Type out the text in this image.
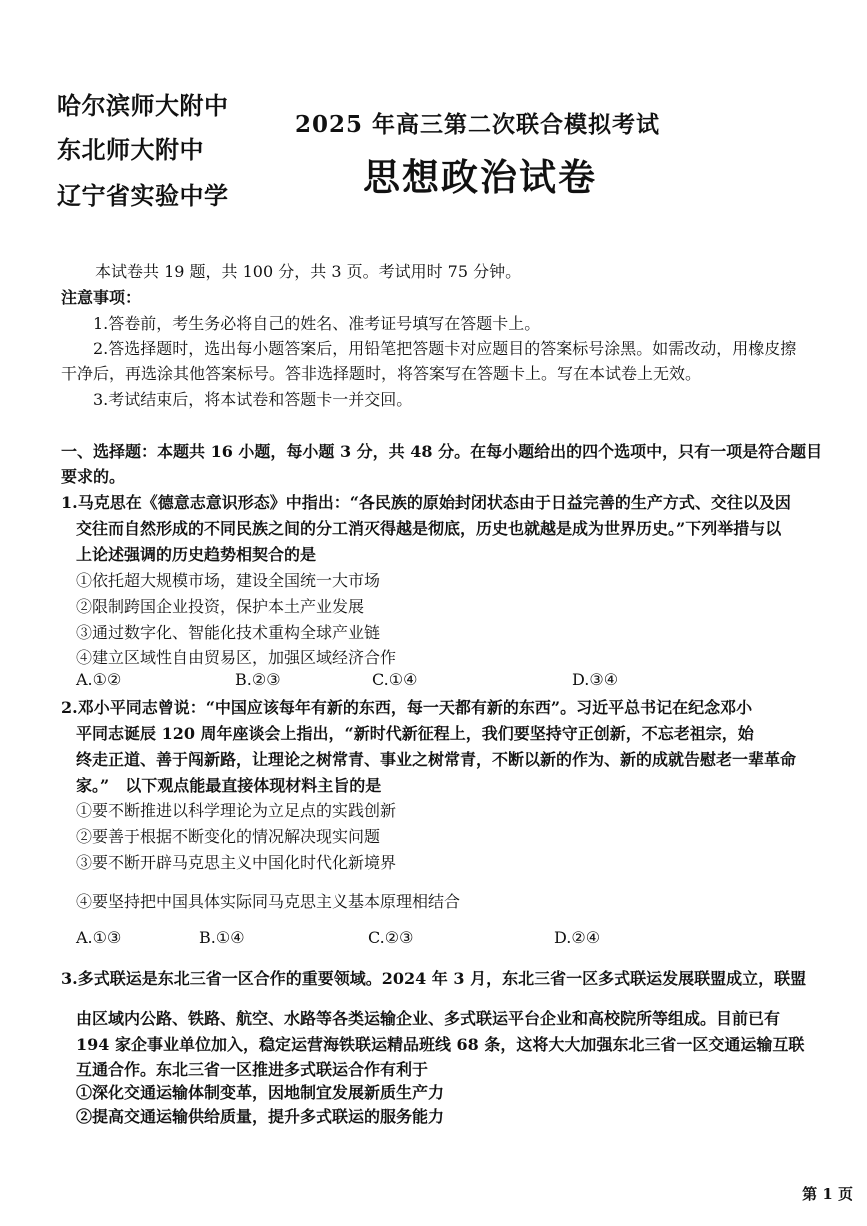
哈尔滨师大附中
东北师大附中
辽宁省实验中学
2025 年高三第二次联合模拟考试
思想政治试卷
本试卷共 19 题，共 100 分，共 3 页。考试用时 75 分钟。
注意事项：
1.答卷前，考生务必将自己的姓名、准考证号填写在答题卡上。
2.答选择题时，选出每小题答案后，用铅笔把答题卡对应题目的答案标号涂黑。如需改动，用橡皮擦
干净后，再选涂其他答案标号。答非选择题时，将答案写在答题卡上。写在本试卷上无效。
3.考试结束后，将本试卷和答题卡一并交回。
一、选择题：本题共 16 小题，每小题 3 分，共 48 分。在每小题给出的四个选项中，只有一项是符合题目
要求的。
1.马克思在《德意志意识形态》中指出：“各民族的原始封闭状态由于日益完善的生产方式、交往以及因
交往而自然形成的不同民族之间的分工消灭得越是彻底，历史也就越是成为世界历史。”下列举措与以
上论述强调的历史趋势相契合的是
①依托超大规模市场，建设全国统一大市场
②限制跨国企业投资，保护本土产业发展
③通过数字化、智能化技术重构全球产业链
④建立区域性自由贸易区，加强区域经济合作
A.①②	B.②③	C.①④	D.③④
2.邓小平同志曾说：“中国应该每年有新的东西，每一天都有新的东西”。习近平总书记在纪念邓小
平同志诞辰 120 周年座谈会上指出，“新时代新征程上，我们要坚持守正创新，不忘老祖宗，始
终走正道、善于闯新路，让理论之树常青、事业之树常青，不断以新的作为、新的成就告慰老一辈革命
家。”　以下观点能最直接体现材料主旨的是
①要不断推进以科学理论为立足点的实践创新
②要善于根据不断变化的情况解决现实问题
③要不断开辟马克思主义中国化时代化新境界
④要坚持把中国具体实际同马克思主义基本原理相结合
A.①③	B.①④	C.②③	D.②④
3.多式联运是东北三省一区合作的重要领域。2024 年 3 月，东北三省一区多式联运发展联盟成立，联盟
由区域内公路、铁路、航空、水路等各类运输企业、多式联运平台企业和高校院所等组成。目前已有
194 家企事业单位加入，稳定运营海铁联运精品班线 68 条，这将大大加强东北三省一区交通运输互联
互通合作。东北三省一区推进多式联运合作有利于
①深化交通运输体制变革，因地制宜发展新质生产力
②提高交通运输供给质量，提升多式联运的服务能力
第 1 页
